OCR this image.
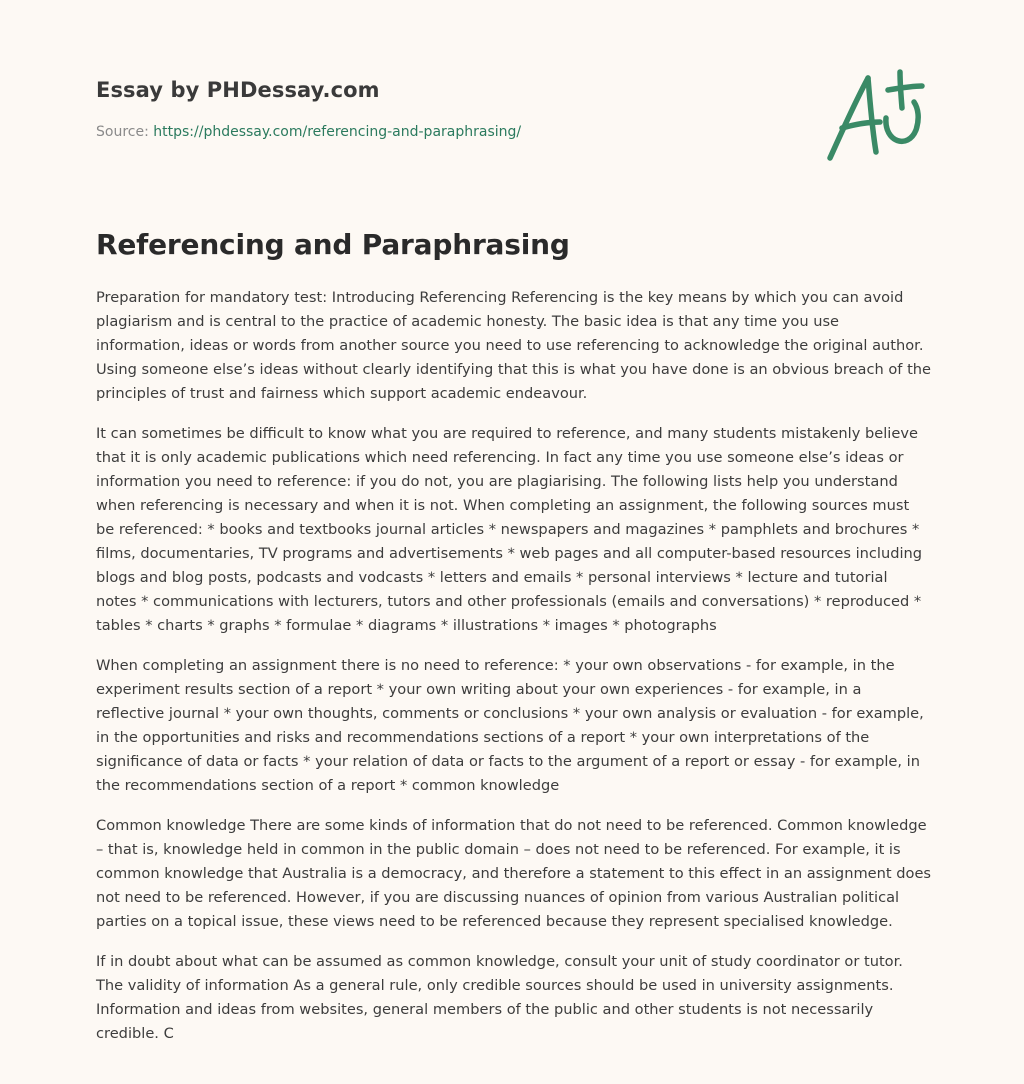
Essay by PHDessay.com
Source: https://phdessay.com/referencing-and-paraphrasing/
Referencing and Paraphrasing

Preparation for mandatory test: Introducing Referencing Referencing is the key means by which you can avoid plagiarism and is central to the practice of academic honesty. The basic idea is that any time you use information, ideas or words from another source you need to use referencing to acknowledge the original author. Using someone else’s ideas without clearly identifying that this is what you have done is an obvious breach of the principles of trust and fairness which support academic endeavour.

It can sometimes be difficult to know what you are required to reference, and many students mistakenly believe that it is only academic publications which need referencing. In fact any time you use someone else’s ideas or information you need to reference: if you do not, you are plagiarising. The following lists help you understand when referencing is necessary and when it is not. When completing an assignment, the following sources must be referenced: * books and textbooks journal articles * newspapers and magazines * pamphlets and brochures * films, documentaries, TV programs and advertisements * web pages and all computer-based resources including blogs and blog posts, podcasts and vodcasts * letters and emails * personal interviews * lecture and tutorial notes * communications with lecturers, tutors and other professionals (emails and conversations) * reproduced * tables * charts * graphs * formulae * diagrams * illustrations * images * photographs

When completing an assignment there is no need to reference: * your own observations - for example, in the experiment results section of a report * your own writing about your own experiences - for example, in a reflective journal * your own thoughts, comments or conclusions * your own analysis or evaluation - for example, in the opportunities and risks and recommendations sections of a report * your own interpretations of the significance of data or facts * your relation of data or facts to the argument of a report or essay - for example, in the recommendations section of a report * common knowledge

Common knowledge There are some kinds of information that do not need to be referenced. Common knowledge – that is, knowledge held in common in the public domain – does not need to be referenced. For example, it is common knowledge that Australia is a democracy, and therefore a statement to this effect in an assignment does not need to be referenced. However, if you are discussing nuances of opinion from various Australian political parties on a topical issue, these views need to be referenced because they represent specialised knowledge.

If in doubt about what can be assumed as common knowledge, consult your unit of study coordinator or tutor. The validity of information As a general rule, only credible sources should be used in university assignments. Information and ideas from websites, general members of the public and other students is not necessarily credible. C
